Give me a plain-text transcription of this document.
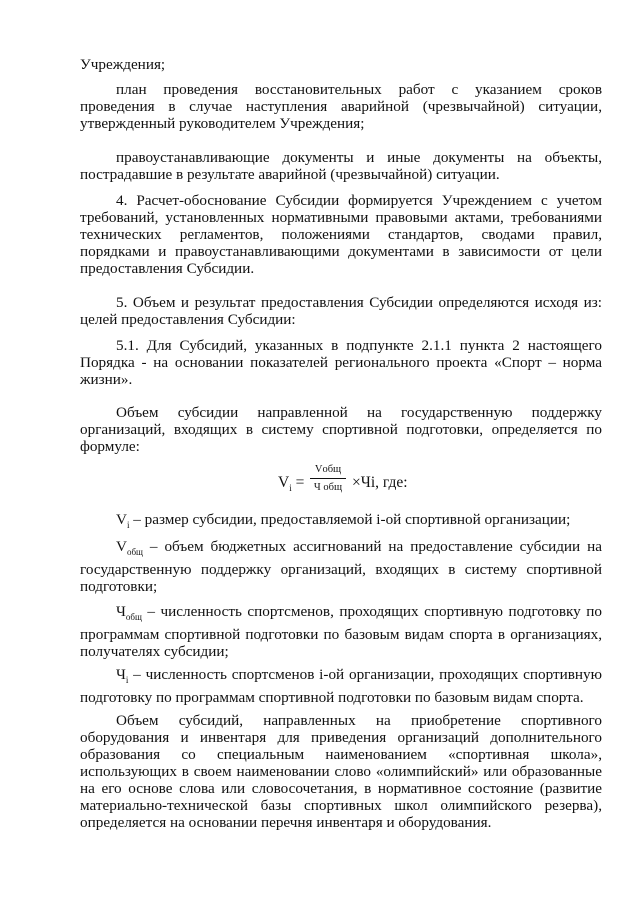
Учреждения;

план проведения восстановительных работ с указанием сроков проведения в случае наступления аварийной (чрезвычайной) ситуации, утвержденный руководителем Учреждения;

правоустанавливающие документы и иные документы на объекты, пострадавшие в результате аварийной (чрезвычайной) ситуации.

4. Расчет-обоснование Субсидии формируется Учреждением с учетом требований, установленных нормативными правовыми актами, требованиями технических регламентов, положениями стандартов, сводами правил, порядками и правоустанавливающими документами в зависимости от цели предоставления Субсидии.

5. Объем и результат предоставления Субсидии определяются исходя из: целей предоставления Субсидии:

5.1. Для Субсидий, указанных в подпункте 2.1.1 пункта 2 настоящего Порядка - на основании показателей регионального проекта «Спорт – норма жизни».

Объем субсидии направленной на государственную поддержку организаций, входящих в систему спортивной подготовки, определяется по формуле:

$V_i$ =
Vобщ
Ч общ ×Чi, где:

$V_i$ – размер субсидии, предоставляемой i-ой спортивной организации;

$V_{общ}$ – объем бюджетных ассигнований на предоставление субсидии на государственную поддержку организаций, входящих в систему спортивной подготовки;

$Ч_{общ}$ – численность спортсменов, проходящих спортивную подготовку по программам спортивной подготовки по базовым видам спорта в организациях, получателях субсидии;

$Ч_i$ – численность спортсменов i-ой организации, проходящих спортивную подготовку по программам спортивной подготовки по базовым видам спорта.

Объем субсидий, направленных на приобретение спортивного оборудования и инвентаря для приведения организаций дополнительного образования со специальным наименованием «спортивная школа», использующих в своем наименовании слово «олимпийский» или образованные на его основе слова или словосочетания, в нормативное состояние (развитие материально-технической базы спортивных школ олимпийского резерва), определяется на основании перечня инвентаря и оборудования.
